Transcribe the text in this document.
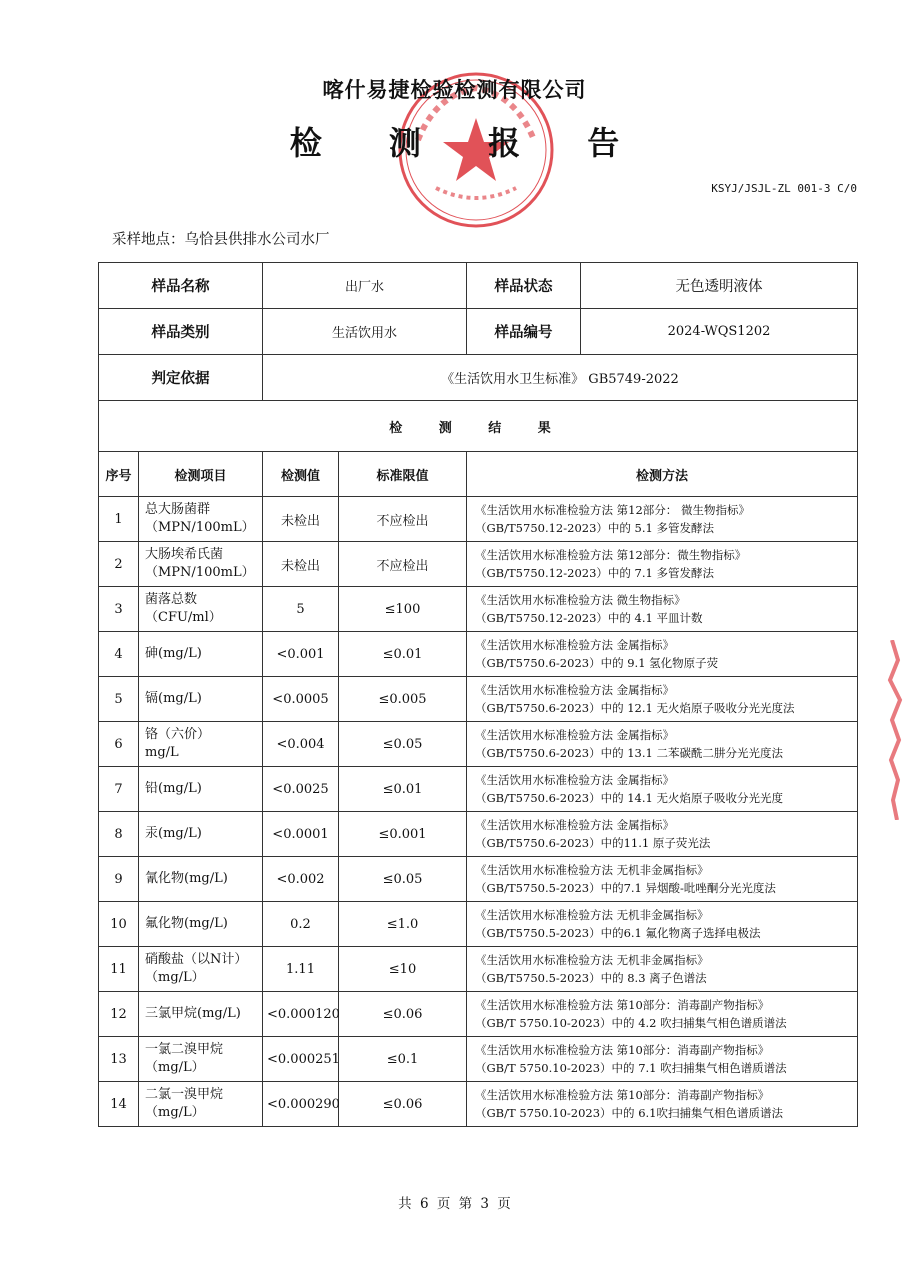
喀什易捷检验检测有限公司
检 测 报 告
KSYJ/JSJL-ZL 001-3 C/0
采样地点：乌恰县供排水公司水厂
样品名称	出厂水		样品状态	无色透明液体

样品类别	生活饮用水		样品编号	2024-WQS1202

判定依据	《生活饮用水卫生标准》 GB5749-2022
检 测 结 果
序号	检测项目	检测值	标准限值	检测方法
1	
总大肠菌群
（MPN/100mL）	未检出	不应检出	
《生活饮用水标准检验方法 第12部分： 微生物指标》
（GB/T5750.12-2023）中的 5.1 多管发酵法

2	
大肠埃希氏菌
（MPN/100mL）	未检出	不应检出	
《生活饮用水标准检验方法 第12部分：微生物指标》
（GB/T5750.12-2023）中的 7.1 多管发酵法

3	
菌落总数
（CFU/ml）
	5	≤100	
《生活饮用水标准检验方法 微生物指标》
（GB/T5750.12-2023）中的 4.1 平皿计数

4	砷(mg/L)	<0.001	≤0.01	
《生活饮用水标准检验方法 金属指标》
（GB/T5750.6-2023）中的 9.1 氢化物原子荧

5	镉(mg/L)	<0.0005	≤0.005	
《生活饮用水标准检验方法 金属指标》
（GB/T5750.6-2023）中的 12.1 无火焰原子吸收分光光度法

6	
铬（六价）
mg/L
	<0.004	≤0.05	
《生活饮用水标准检验方法 金属指标》
（GB/T5750.6-2023）中的 13.1 二苯碳酰二肼分光光度法

7	铅(mg/L)	<0.0025	≤0.01	
《生活饮用水标准检验方法 金属指标》
（GB/T5750.6-2023）中的 14.1 无火焰原子吸收分光光度

8	汞(mg/L)	<0.0001	≤0.001	
《生活饮用水标准检验方法 金属指标》
（GB/T5750.6-2023）中的11.1 原子荧光法

9	氰化物(mg/L)	<0.002	≤0.05	
《生活饮用水标准检验方法 无机非金属指标》
（GB/T5750.5-2023）中的7.1 异烟酸-吡唑酮分光光度法

10	氟化物(mg/L)	0.2	≤1.0	
《生活饮用水标准检验方法 无机非金属指标》
（GB/T5750.5-2023）中的6.1 氟化物离子选择电极法

11	
硝酸盐（以N计）
（mg/L）
	1.11	≤10	
《生活饮用水标准检验方法 无机非金属指标》
（GB/T5750.5-2023）中的 8.3 离子色谱法

12	三氯甲烷(mg/L)	<0.000120	≤0.06	
《生活饮用水标准检验方法 第10部分：消毒副产物指标》
（GB/T 5750.10-2023）中的 4.2 吹扫捕集气相色谱质谱法

13	
一氯二溴甲烷
（mg/L）
	<0.000251	≤0.1	
《生活饮用水标准检验方法 第10部分：消毒副产物指标》
（GB/T 5750.10-2023）中的 7.1 吹扫捕集气相色谱质谱法

14	
二氯一溴甲烷
（mg/L）
	<0.000290	≤0.06	
《生活饮用水标准检验方法 第10部分：消毒副产物指标》
（GB/T 5750.10-2023）中的 6.1吹扫捕集气相色谱质谱法
共 6 页 第 3 页
